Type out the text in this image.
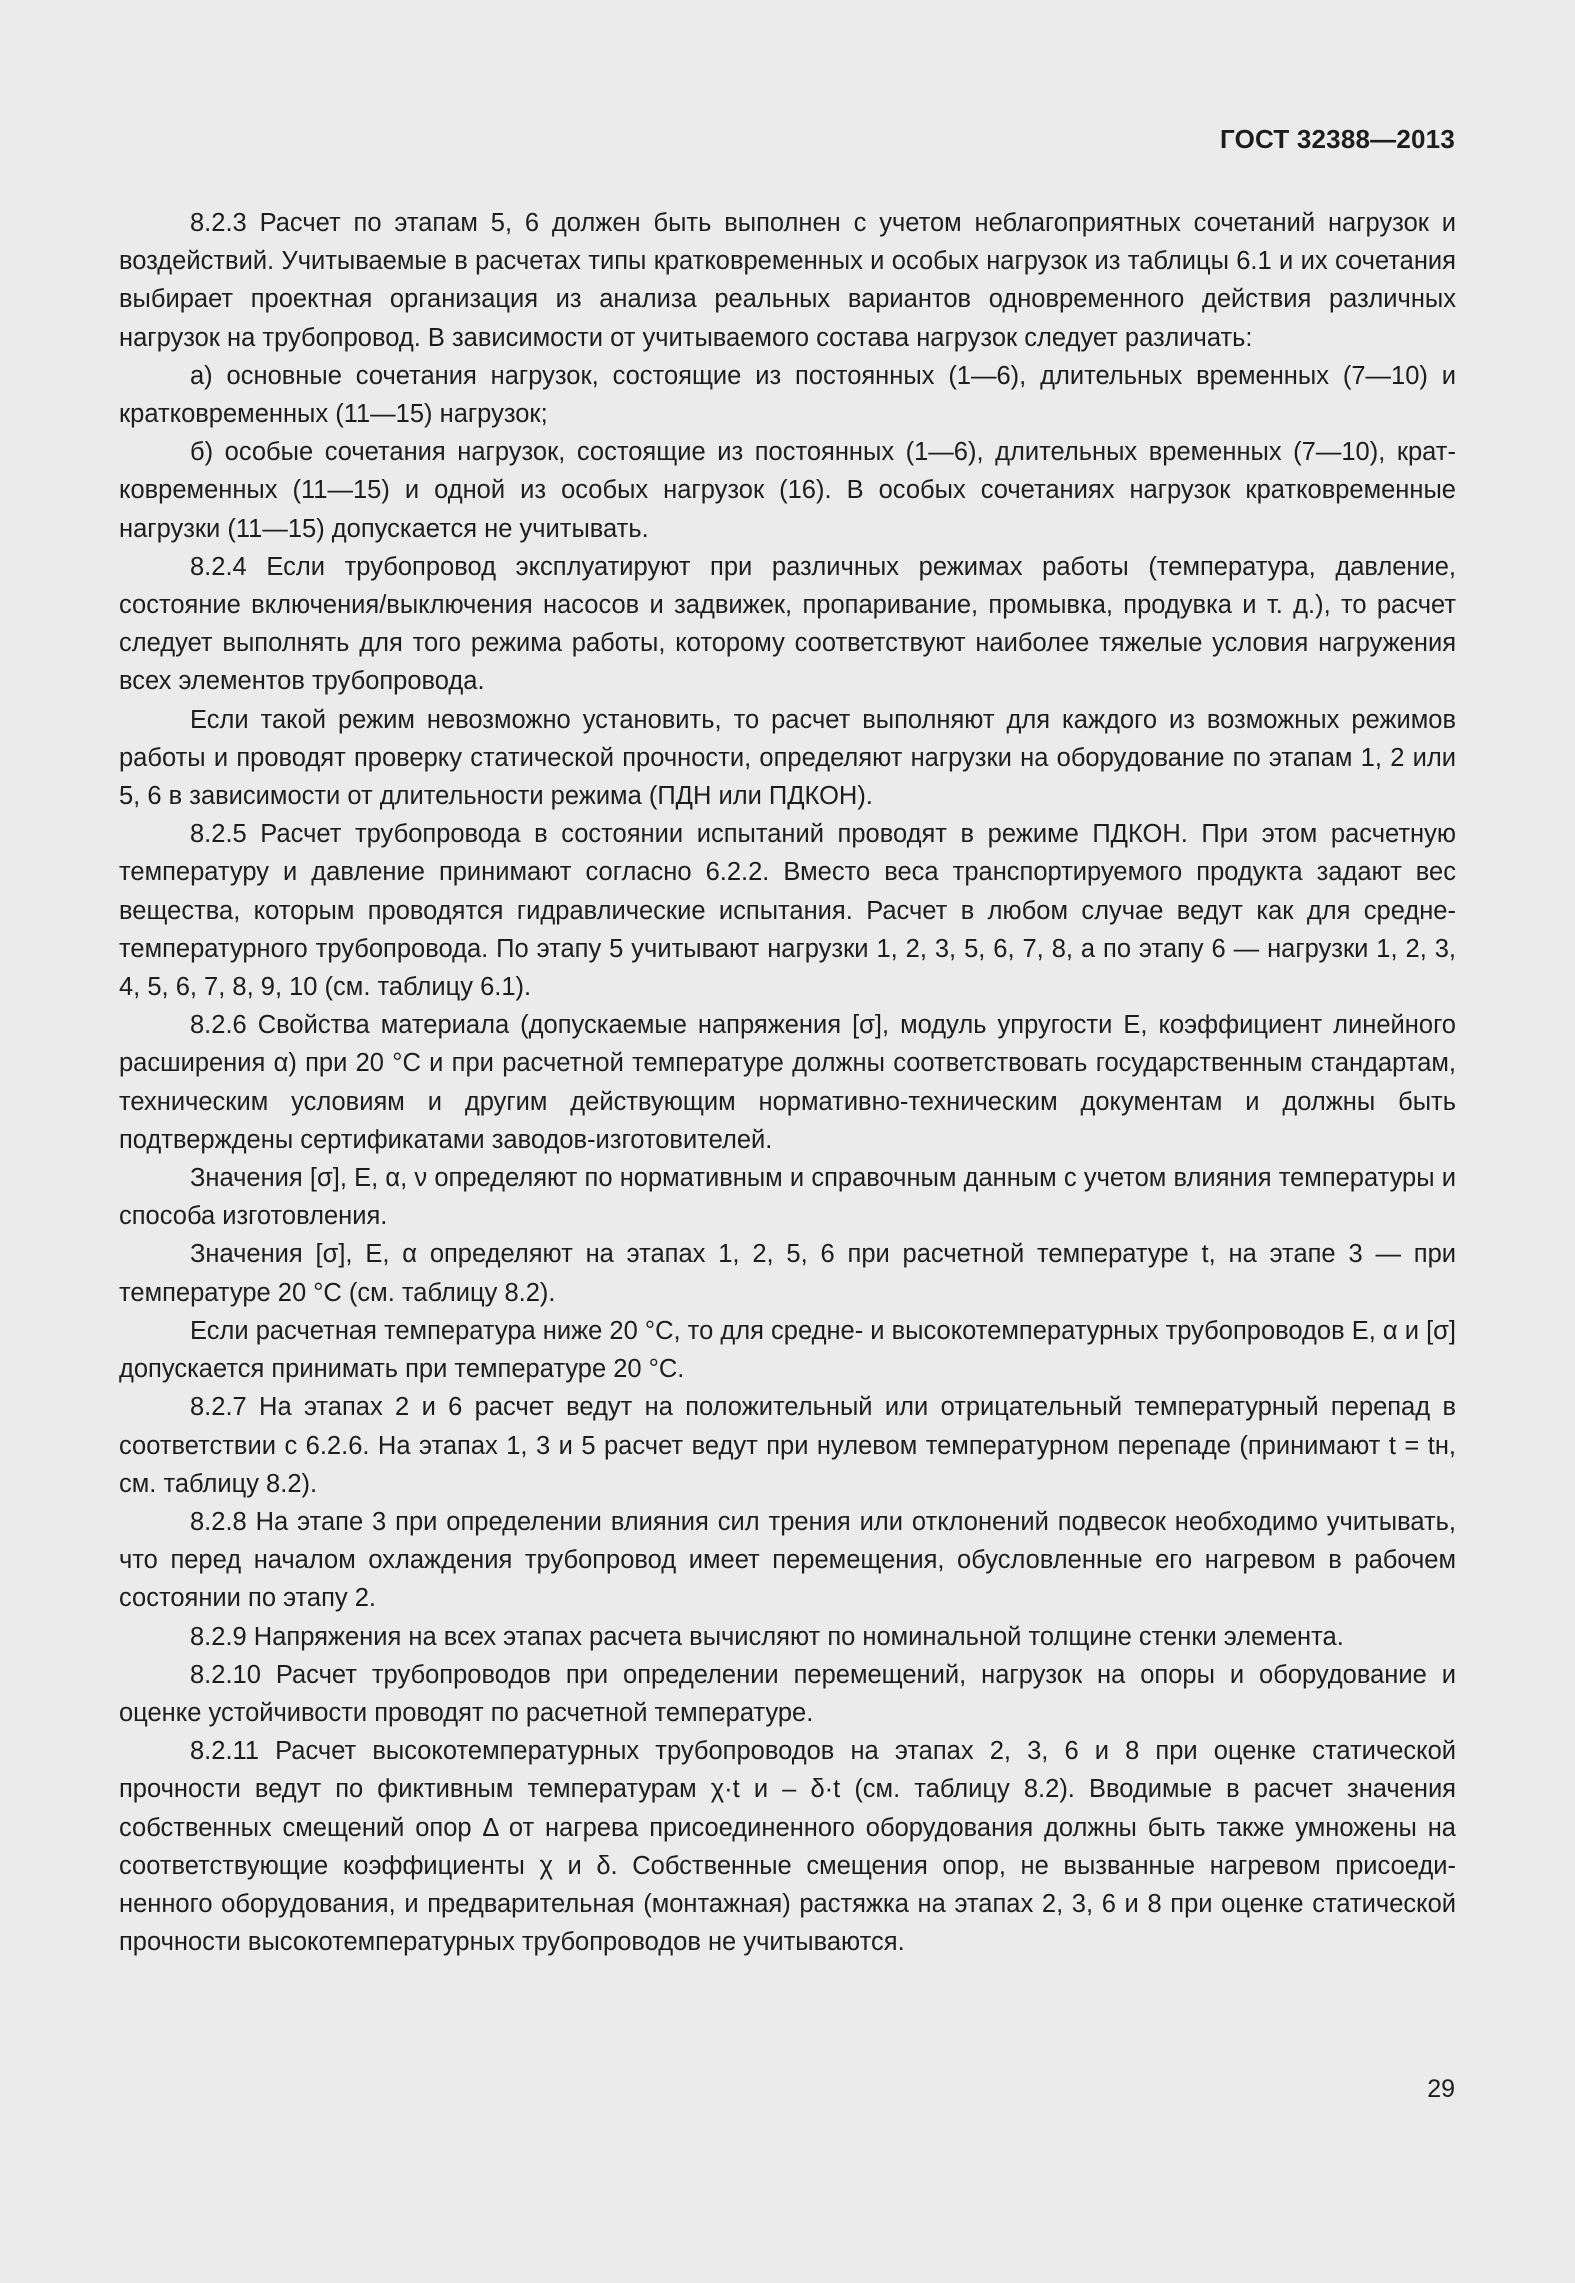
ГОСТ 32388—2013

8.2.3 Расчет по этапам 5, 6 должен быть выполнен с учетом неблагоприятных сочетаний нагрузок и воздействий. Учитываемые в расчетах типы кратковременных и особых нагрузок из таблицы 6.1 и их сочетания выбирает проектная организация из анализа реальных вариантов одновременного действия различных нагрузок на трубопровод. В зависимости от учитываемого состава нагрузок следует различать:

а) основные сочетания нагрузок, состоящие из постоянных (1—6), длительных временных (7—10) и кратковременных (11—15) нагрузок;

б) особые сочетания нагрузок, состоящие из постоянных (1—6), длительных временных (7—10), кратковременных (11—15) и одной из особых нагрузок (16). В особых сочетаниях нагрузок кратковременные нагрузки (11—15) допускается не учитывать.

8.2.4 Если трубопровод эксплуатируют при различных режимах работы (температура, давление, состояние включения/выключения насосов и задвижек, пропаривание, промывка, продувка и т. д.), то расчет следует выполнять для того режима работы, которому соответствуют наиболее тяжелые условия нагружения всех элементов трубопровода.

Если такой режим невозможно установить, то расчет выполняют для каждого из возможных режимов работы и проводят проверку статической прочности, определяют нагрузки на оборудование по этапам 1, 2 или 5, 6 в зависимости от длительности режима (ПДН или ПДКОН).

8.2.5 Расчет трубопровода в состоянии испытаний проводят в режиме ПДКОН. При этом расчетную температуру и давление принимают согласно 6.2.2. Вместо веса транспортируемого продукта задают вес вещества, которым проводятся гидравлические испытания. Расчет в любом случае ведут как для среднетемпературного трубопровода. По этапу 5 учитывают нагрузки 1, 2, 3, 5, 6, 7, 8, а по этапу 6 — нагрузки 1, 2, 3, 4, 5, 6, 7, 8, 9, 10 (см. таблицу 6.1).

8.2.6 Свойства материала (допускаемые напряжения [σ], модуль упругости E, коэффициент линейного расширения α) при 20 °C и при расчетной температуре должны соответствовать государственным стандартам, техническим условиям и другим действующим нормативно-техническим документам и должны быть подтверждены сертификатами заводов-изготовителей.

Значения [σ], E, α, ν определяют по нормативным и справочным данным с учетом влияния температуры и способа изготовления.

Значения [σ], E, α определяют на этапах 1, 2, 5, 6 при расчетной температуре t, на этапе 3 — при температуре 20 °C (см. таблицу 8.2).

Если расчетная температура ниже 20 °C, то для средне- и высокотемпературных трубопроводов E, α и [σ] допускается принимать при температуре 20 °C.

8.2.7 На этапах 2 и 6 расчет ведут на положительный или отрицательный температурный перепад в соответствии с 6.2.6. На этапах 1, 3 и 5 расчет ведут при нулевом температурном перепаде (принимают t = tн, см. таблицу 8.2).

8.2.8 На этапе 3 при определении влияния сил трения или отклонений подвесок необходимо учитывать, что перед началом охлаждения трубопровод имеет перемещения, обусловленные его нагревом в рабочем состоянии по этапу 2.

8.2.9 Напряжения на всех этапах расчета вычисляют по номинальной толщине стенки элемента.

8.2.10 Расчет трубопроводов при определении перемещений, нагрузок на опоры и оборудование и оценке устойчивости проводят по расчетной температуре.

8.2.11 Расчет высокотемпературных трубопроводов на этапах 2, 3, 6 и 8 при оценке статической прочности ведут по фиктивным температурам χ·t и – δ·t (см. таблицу 8.2). Вводимые в расчет значения собственных смещений опор Δ от нагрева присоединенного оборудования должны быть также умножены на соответствующие коэффициенты χ и δ. Собственные смещения опор, не вызванные нагревом присоединенного оборудования, и предварительная (монтажная) растяжка на этапах 2, 3, 6 и 8 при оценке статической прочности высокотемпературных трубопроводов не учитываются.

29
